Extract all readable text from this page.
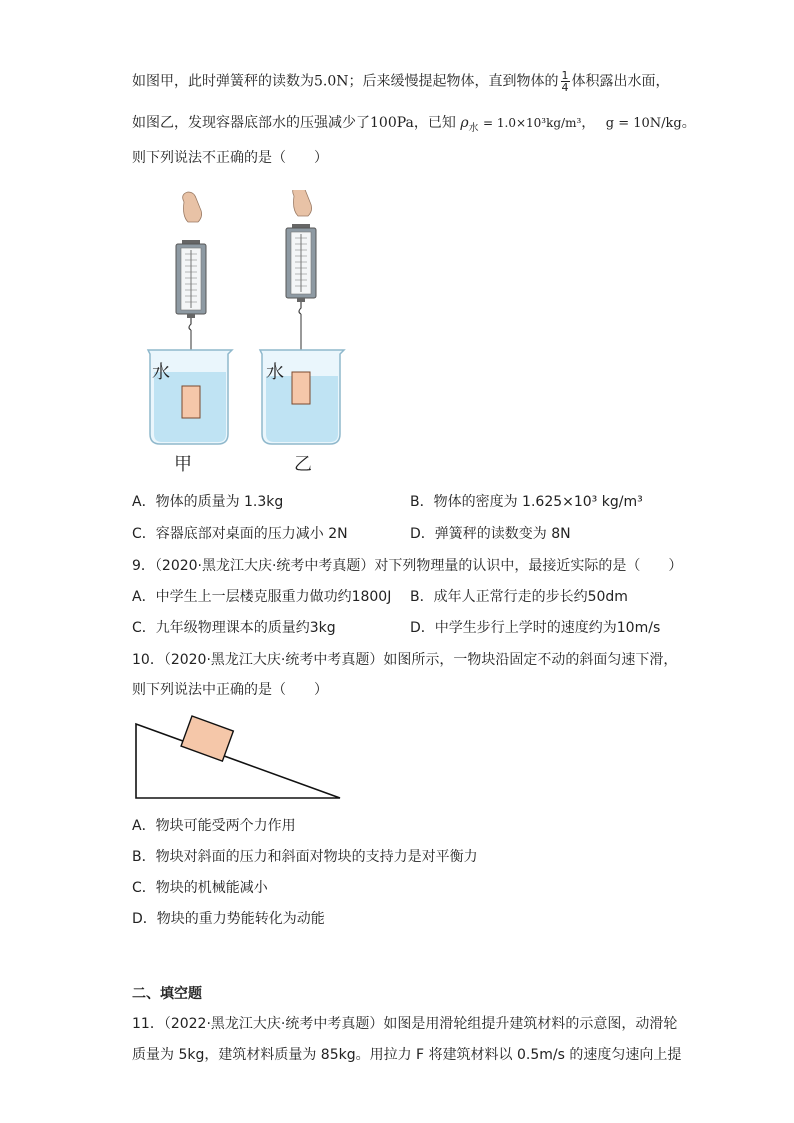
如图甲，此时弹簧秤的读数为5.0N；后来缓慢提起物体，直到物体的 $\frac{1}{4}$ 体积露出水面，
如图乙，发现容器底部水的压强减少了100Pa，已知 $\rho_水 = 1.0\times 10^3kg/m^3$， g = 10N/kg。
则下列说法不正确的是（　　）
水	水
甲	乙
A．物体的质量为 1.3kg	B．物体的密度为 1.625×10³ kg/m³
C．容器底部对桌面的压力减小 2N	D．弹簧秤的读数变为 8N
9．（2020·黑龙江大庆·统考中考真题）对下列物理量的认识中，最接近实际的是（　　）
A．中学生上一层楼克服重力做功约1800J B．成年人正常行走的步长约50dm
C．九年级物理课本的质量约3kg	D．中学生步行上学时的速度约为10m/s
10．（2020·黑龙江大庆·统考中考真题）如图所示，一物块沿固定不动的斜面匀速下滑，
则下列说法中正确的是（　　）
A．物块可能受两个力作用
B．物块对斜面的压力和斜面对物块的支持力是对平衡力
C．物块的机械能减小
D．物块的重力势能转化为动能
二、填空题
11．（2022·黑龙江大庆·统考中考真题）如图是用滑轮组提升建筑材料的示意图，动滑轮
质量为 5kg，建筑材料质量为 85kg。用拉力 F 将建筑材料以 0.5m/s 的速度匀速向上提
